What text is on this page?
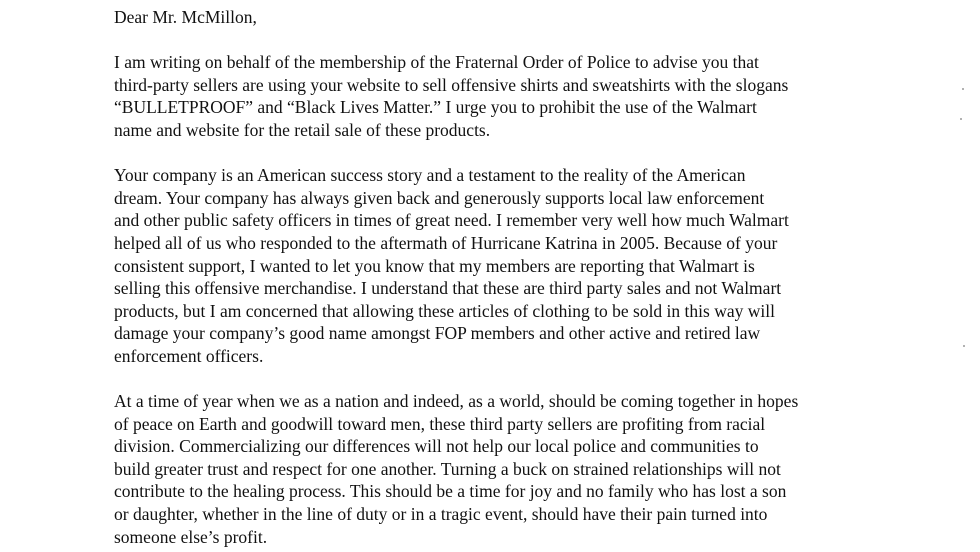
Dear Mr. McMillon,
I am writing on behalf of the membership of the Fraternal Order of Police to advise you that
third-party sellers are using your website to sell offensive shirts and sweatshirts with the slogans
“BULLETPROOF” and “Black Lives Matter.” I urge you to prohibit the use of the Walmart
name and website for the retail sale of these products.
Your company is an American success story and a testament to the reality of the American
dream. Your company has always given back and generously supports local law enforcement
and other public safety officers in times of great need. I remember very well how much Walmart
helped all of us who responded to the aftermath of Hurricane Katrina in 2005. Because of your
consistent support, I wanted to let you know that my members are reporting that Walmart is
selling this offensive merchandise. I understand that these are third party sales and not Walmart
products, but I am concerned that allowing these articles of clothing to be sold in this way will
damage your company’s good name amongst FOP members and other active and retired law
enforcement officers.
At a time of year when we as a nation and indeed, as a world, should be coming together in hopes
of peace on Earth and goodwill toward men, these third party sellers are profiting from racial
division. Commercializing our differences will not help our local police and communities to
build greater trust and respect for one another. Turning a buck on strained relationships will not
contribute to the healing process. This should be a time for joy and no family who has lost a son
or daughter, whether in the line of duty or in a tragic event, should have their pain turned into
someone else’s profit.
